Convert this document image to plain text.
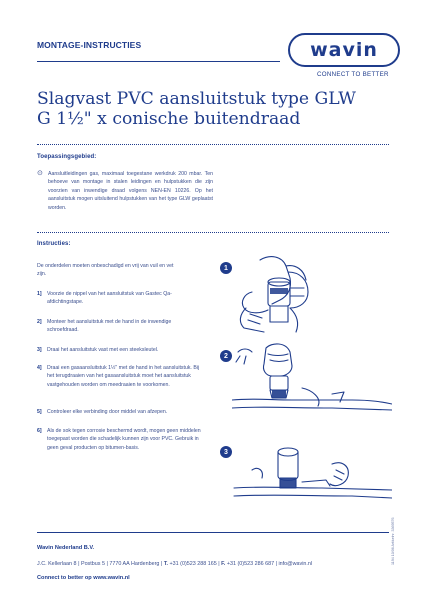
MONTAGE-INSTRUCTIES	wavin
CONNECT TO BETTER
Slagvast PVC aansluitstuk type GLW
G 1½" x conische buitendraad
Toepassingsgebied:
⊙ Aansluitleidingen gas, maximaal toegestane werkdruk 200 mbar. Ten behoeve van montage in stalen leidingen en hulpstukken die zijn voorzien van inwendige draad volgens NEN-EN 10226. Op het aansluitstuk mogen uitsluitend hulpstukken van het type GLW geplaatst worden.

Instructies:

De onderdelen moeten onbeschadigd en vrij van vuil en vet zijn.

1]	Voorzie de nippel van het aansluitstuk van Gastec Qa-afdichtingstape.
2]	Monteer het aansluitstuk met de hand in de inwendige schroefdraad.
3]	Draai het aansluitstuk vast met een steeksleutel.
4]	Draai een gasaansluitstuk 1½" met de hand in het aansluitstuk. Bij het terugdraaien van het gasaansluitstuk moet het aansluitstuk vastgehouden worden om meedraaien te voorkomen.
5]	Controleer elke verbinding door middel van afzepen.
6]	Als de sok tegen corrosie beschermd wordt, mogen geen middelen toegepast worden die schadelijk kunnen zijn voor PVC. Gebruik in geen geval producten op bitumen-basis.
1
2
3
Wavin Nederland B.V.
J.C. Kellerlaan 8 | Postbus 5 | 7770 AA Hardenberg | T. +31 (0)523 288 165 | F. +31 (0)523 286 687 | info@wavin.nl
Connect to better op www.wavin.nl
1194 10/06 Artikelnr. 3369576
